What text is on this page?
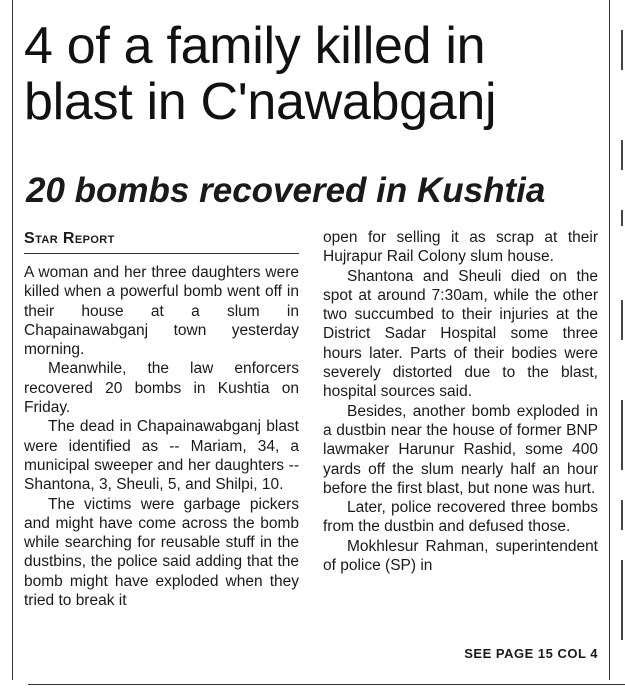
4 of a family killed in blast in C'nawabganj
20 bombs recovered in Kushtia
Star Report

A woman and her three daughters were killed when a powerful bomb went off in their house at a slum in Chapainawabganj town yesterday morning.

Meanwhile, the law enforcers recovered 20 bombs in Kushtia on Friday.

The dead in Chapainawabganj blast were identified as -- Mariam, 34, a municipal sweeper and her daughters -- Shantona, 3, Sheuli, 5, and Shilpi, 10.

The victims were garbage pickers and might have come across the bomb while searching for reusable stuff in the dustbins, the police said adding that the bomb might have exploded when they tried to break it

open for selling it as scrap at their Hujrapur Rail Colony slum house.

Shantona and Sheuli died on the spot at around 7:30am, while the other two succumbed to their injuries at the District Sadar Hospital some three hours later. Parts of their bodies were severely distorted due to the blast, hospital sources said.

Besides, another bomb exploded in a dustbin near the house of former BNP lawmaker Harunur Rashid, some 400 yards off the slum nearly half an hour before the first blast, but none was hurt.

Later, police recovered three bombs from the dustbin and defused those.

Mokhlesur Rahman, superintendent of police (SP) in

SEE PAGE 15 COL 4
